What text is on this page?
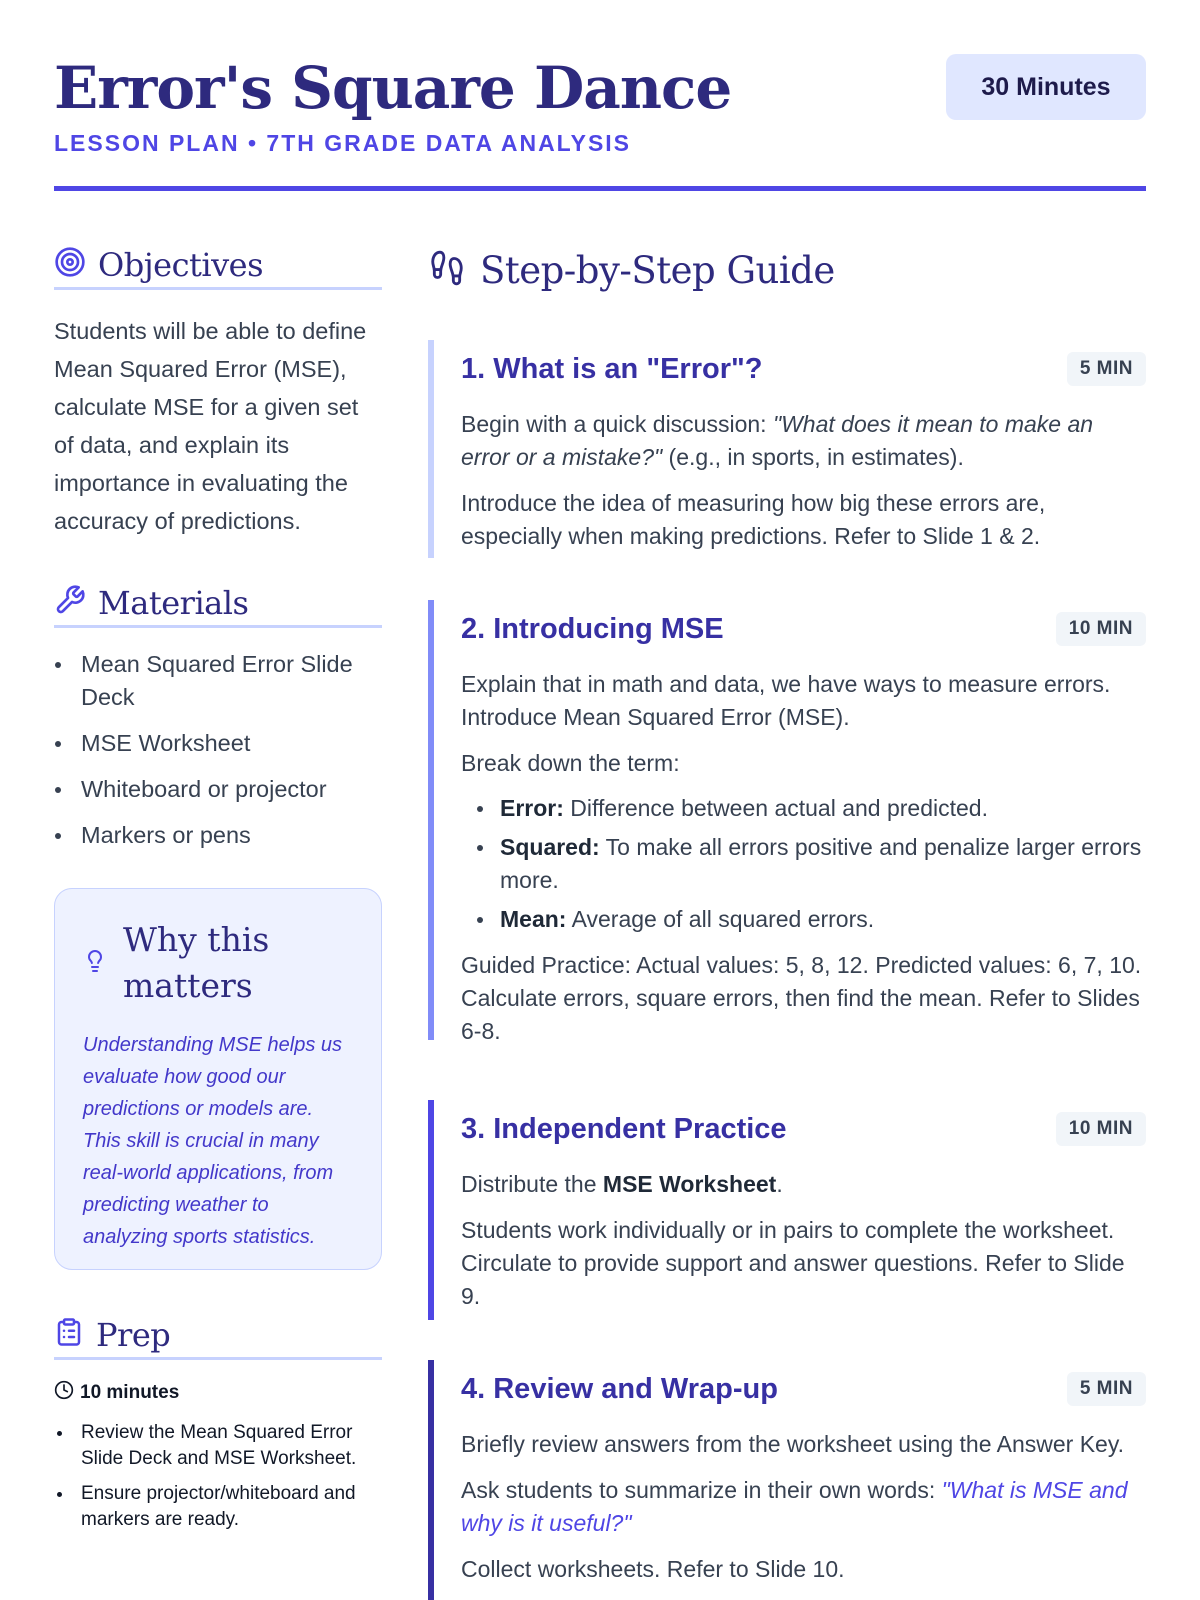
Error's Square Dance
LESSON PLAN • 7TH GRADE DATA ANALYSIS
30 Minutes
Objectives

Students will be able to define Mean Squared Error (MSE), calculate MSE for a given set of data, and explain its importance in evaluating the accuracy of predictions.

Materials
Mean Squared Error Slide Deck
MSE Worksheet
Whiteboard or projector
Markers or pens
Why this matters

Understanding MSE helps us evaluate how good our predictions or models are. This skill is crucial in many real-world applications, from predicting weather to analyzing sports statistics.

Prep
10 minutes
Review the Mean Squared Error Slide Deck and MSE Worksheet.
Ensure projector/whiteboard and markers are ready.
Step-by-Step Guide
1. What is an "Error"?	5 MIN

Begin with a quick discussion: "What does it mean to make an error or a mistake?" (e.g., in sports, in estimates).

Introduce the idea of measuring how big these errors are, especially when making predictions. Refer to Slide 1 & 2.

2. Introducing MSE	10 MIN

Explain that in math and data, we have ways to measure errors. Introduce Mean Squared Error (MSE).

Break down the term:

Error: Difference between actual and predicted.
Squared: To make all errors positive and penalize larger errors more.
Mean: Average of all squared errors.

Guided Practice: Actual values: 5, 8, 12. Predicted values: 6, 7, 10. Calculate errors, square errors, then find the mean. Refer to Slides 6-8.

3. Independent Practice	10 MIN

Distribute the MSE Worksheet.

Students work individually or in pairs to complete the worksheet. Circulate to provide support and answer questions. Refer to Slide 9.

4. Review and Wrap-up	5 MIN

Briefly review answers from the worksheet using the Answer Key.

Ask students to summarize in their own words: "What is MSE and why is it useful?"

Collect worksheets. Refer to Slide 10.
